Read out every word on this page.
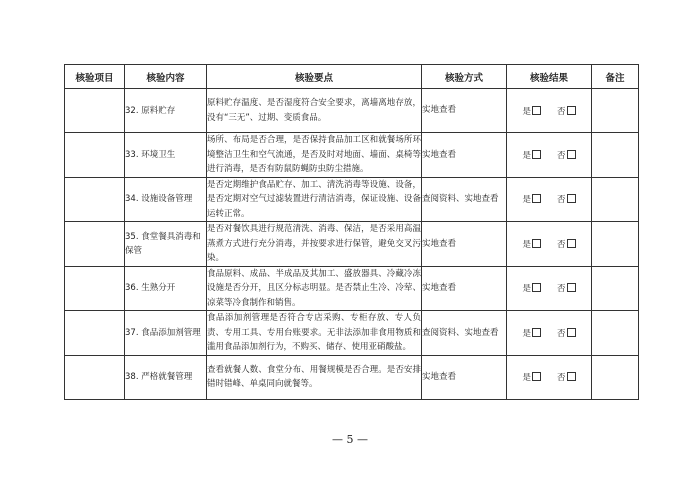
核验项目	核验内容	核验要点	核验方式	核验结果	备注
	32. 原料贮存	原料贮存温度、是否湿度符合安全要求，离墙离地存放，没有“三无”、过期、变质食品。	实地查看	是 否	
	33. 环境卫生	场所、布局是否合理，是否保持食品加工区和就餐场所环境整洁卫生和空气流通，是否及时对地面、墙面、桌椅等进行消毒，是否有防鼠防蝇防虫防尘措施。	实地查看	是 否	
	34. 设施设备管理	是否定期维护食品贮存、加工、清洗消毒等设施、设备，是否定期对空气过滤装置进行清洁消毒，保证设施、设备运转正常。	查阅资料、实地查看	是 否	
	35. 食堂餐具消毒和保管	是否对餐饮具进行规范清洗、消毒、保洁，是否采用高温蒸煮方式进行充分消毒，并按要求进行保管，避免交叉污染。	实地查看	是 否	
	36. 生熟分开	食品原料、成品、半成品及其加工、盛放器具、冷藏冷冻设施是否分开，且区分标志明显。是否禁止生冷、冷荤、凉菜等冷食制作和销售。	实地查看	是 否	
	37. 食品添加剂管理	食品添加剂管理是否符合专店采购、专柜存放、专人负责、专用工具、专用台账要求。无非法添加非食用物质和滥用食品添加剂行为，不购买、储存、使用亚硝酸盐。	查阅资料、实地查看	是 否	
	38. 严格就餐管理	查看就餐人数、食堂分布、用餐规模是否合理。是否安排错时错峰、单桌同向就餐等。	实地查看	是 否	
— 5 —
